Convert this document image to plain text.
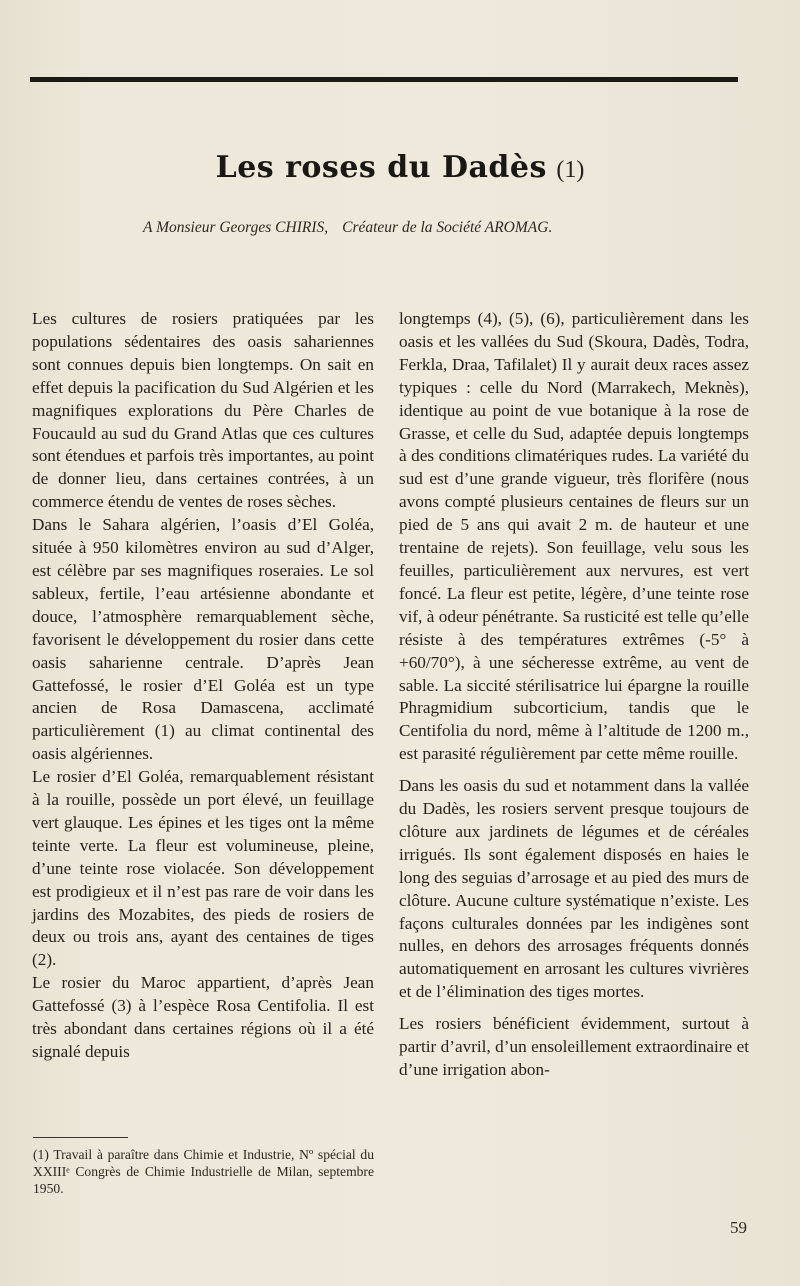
Les roses du Dadès (1)
A Monsieur Georges CHIRIS, Créateur de la Société AROMAG.

Les cultures de rosiers pratiquées par les populations sédentaires des oasis sahariennes sont connues depuis bien longtemps. On sait en effet depuis la pacification du Sud Algérien et les magnifiques explorations du Père Charles de Foucauld au sud du Grand Atlas que ces cultures sont étendues et parfois très importantes, au point de donner lieu, dans certaines contrées, à un commerce étendu de ventes de roses sèches.

Dans le Sahara algérien, l’oasis d’El Goléa, située à 950 kilomètres environ au sud d’Alger, est célèbre par ses magnifiques roseraies. Le sol sableux, fertile, l’eau artésienne abondante et douce, l’atmosphère remarquablement sèche, favorisent le développement du rosier dans cette oasis saharienne centrale. D’après Jean Gattefossé, le rosier d’El Goléa est un type ancien de Rosa Damascena, acclimaté particulièrement (1) au climat continental des oasis algériennes.

Le rosier d’El Goléa, remarquablement résistant à la rouille, possède un port élevé, un feuillage vert glauque. Les épines et les tiges ont la même teinte verte. La fleur est volumineuse, pleine, d’une teinte rose violacée. Son développement est prodigieux et il n’est pas rare de voir dans les jardins des Mozabites, des pieds de rosiers de deux ou trois ans, ayant des centaines de tiges (2).

Le rosier du Maroc appartient, d’après Jean Gattefossé (3) à l’espèce Rosa Centifolia. Il est très abondant dans certaines régions où il a été signalé depuis

longtemps (4), (5), (6), particulièrement dans les oasis et les vallées du Sud (Skoura, Dadès, Todra, Ferkla, Draa, Tafilalet) Il y aurait deux races assez typiques : celle du Nord (Marrakech, Meknès), identique au point de vue botanique à la rose de Grasse, et celle du Sud, adaptée depuis longtemps à des conditions climatériques rudes. La variété du sud est d’une grande vigueur, très florifère (nous avons compté plusieurs centaines de fleurs sur un pied de 5 ans qui avait 2 m. de hauteur et une trentaine de rejets). Son feuillage, velu sous les feuilles, particulièrement aux nervures, est vert foncé. La fleur est petite, légère, d’une teinte rose vif, à odeur pénétrante. Sa rusticité est telle qu’elle résiste à des températures extrêmes (-5° à +60/70°), à une sécheresse extrême, au vent de sable. La siccité stérilisatrice lui épargne la rouille Phragmidium subcorticium, tandis que le Centifolia du nord, même à l’altitude de 1200 m., est parasité régulièrement par cette même rouille.

Dans les oasis du sud et notamment dans la vallée du Dadès, les rosiers servent presque toujours de clôture aux jardinets de légumes et de céréales irrigués. Ils sont également disposés en haies le long des seguias d’arrosage et au pied des murs de clôture. Aucune culture systématique n’existe. Les façons culturales données par les indigènes sont nulles, en dehors des arrosages fréquents donnés automatiquement en arrosant les cultures vivrières et de l’élimination des tiges mortes.

Les rosiers bénéficient évidemment, surtout à partir d’avril, d’un ensoleillement extraordinaire et d’une irrigation abon-

(1) Travail à paraître dans Chimie et Industrie, Nº spécial du XXIIIᵉ Congrès de Chimie Industrielle de Milan, septembre 1950.
59
